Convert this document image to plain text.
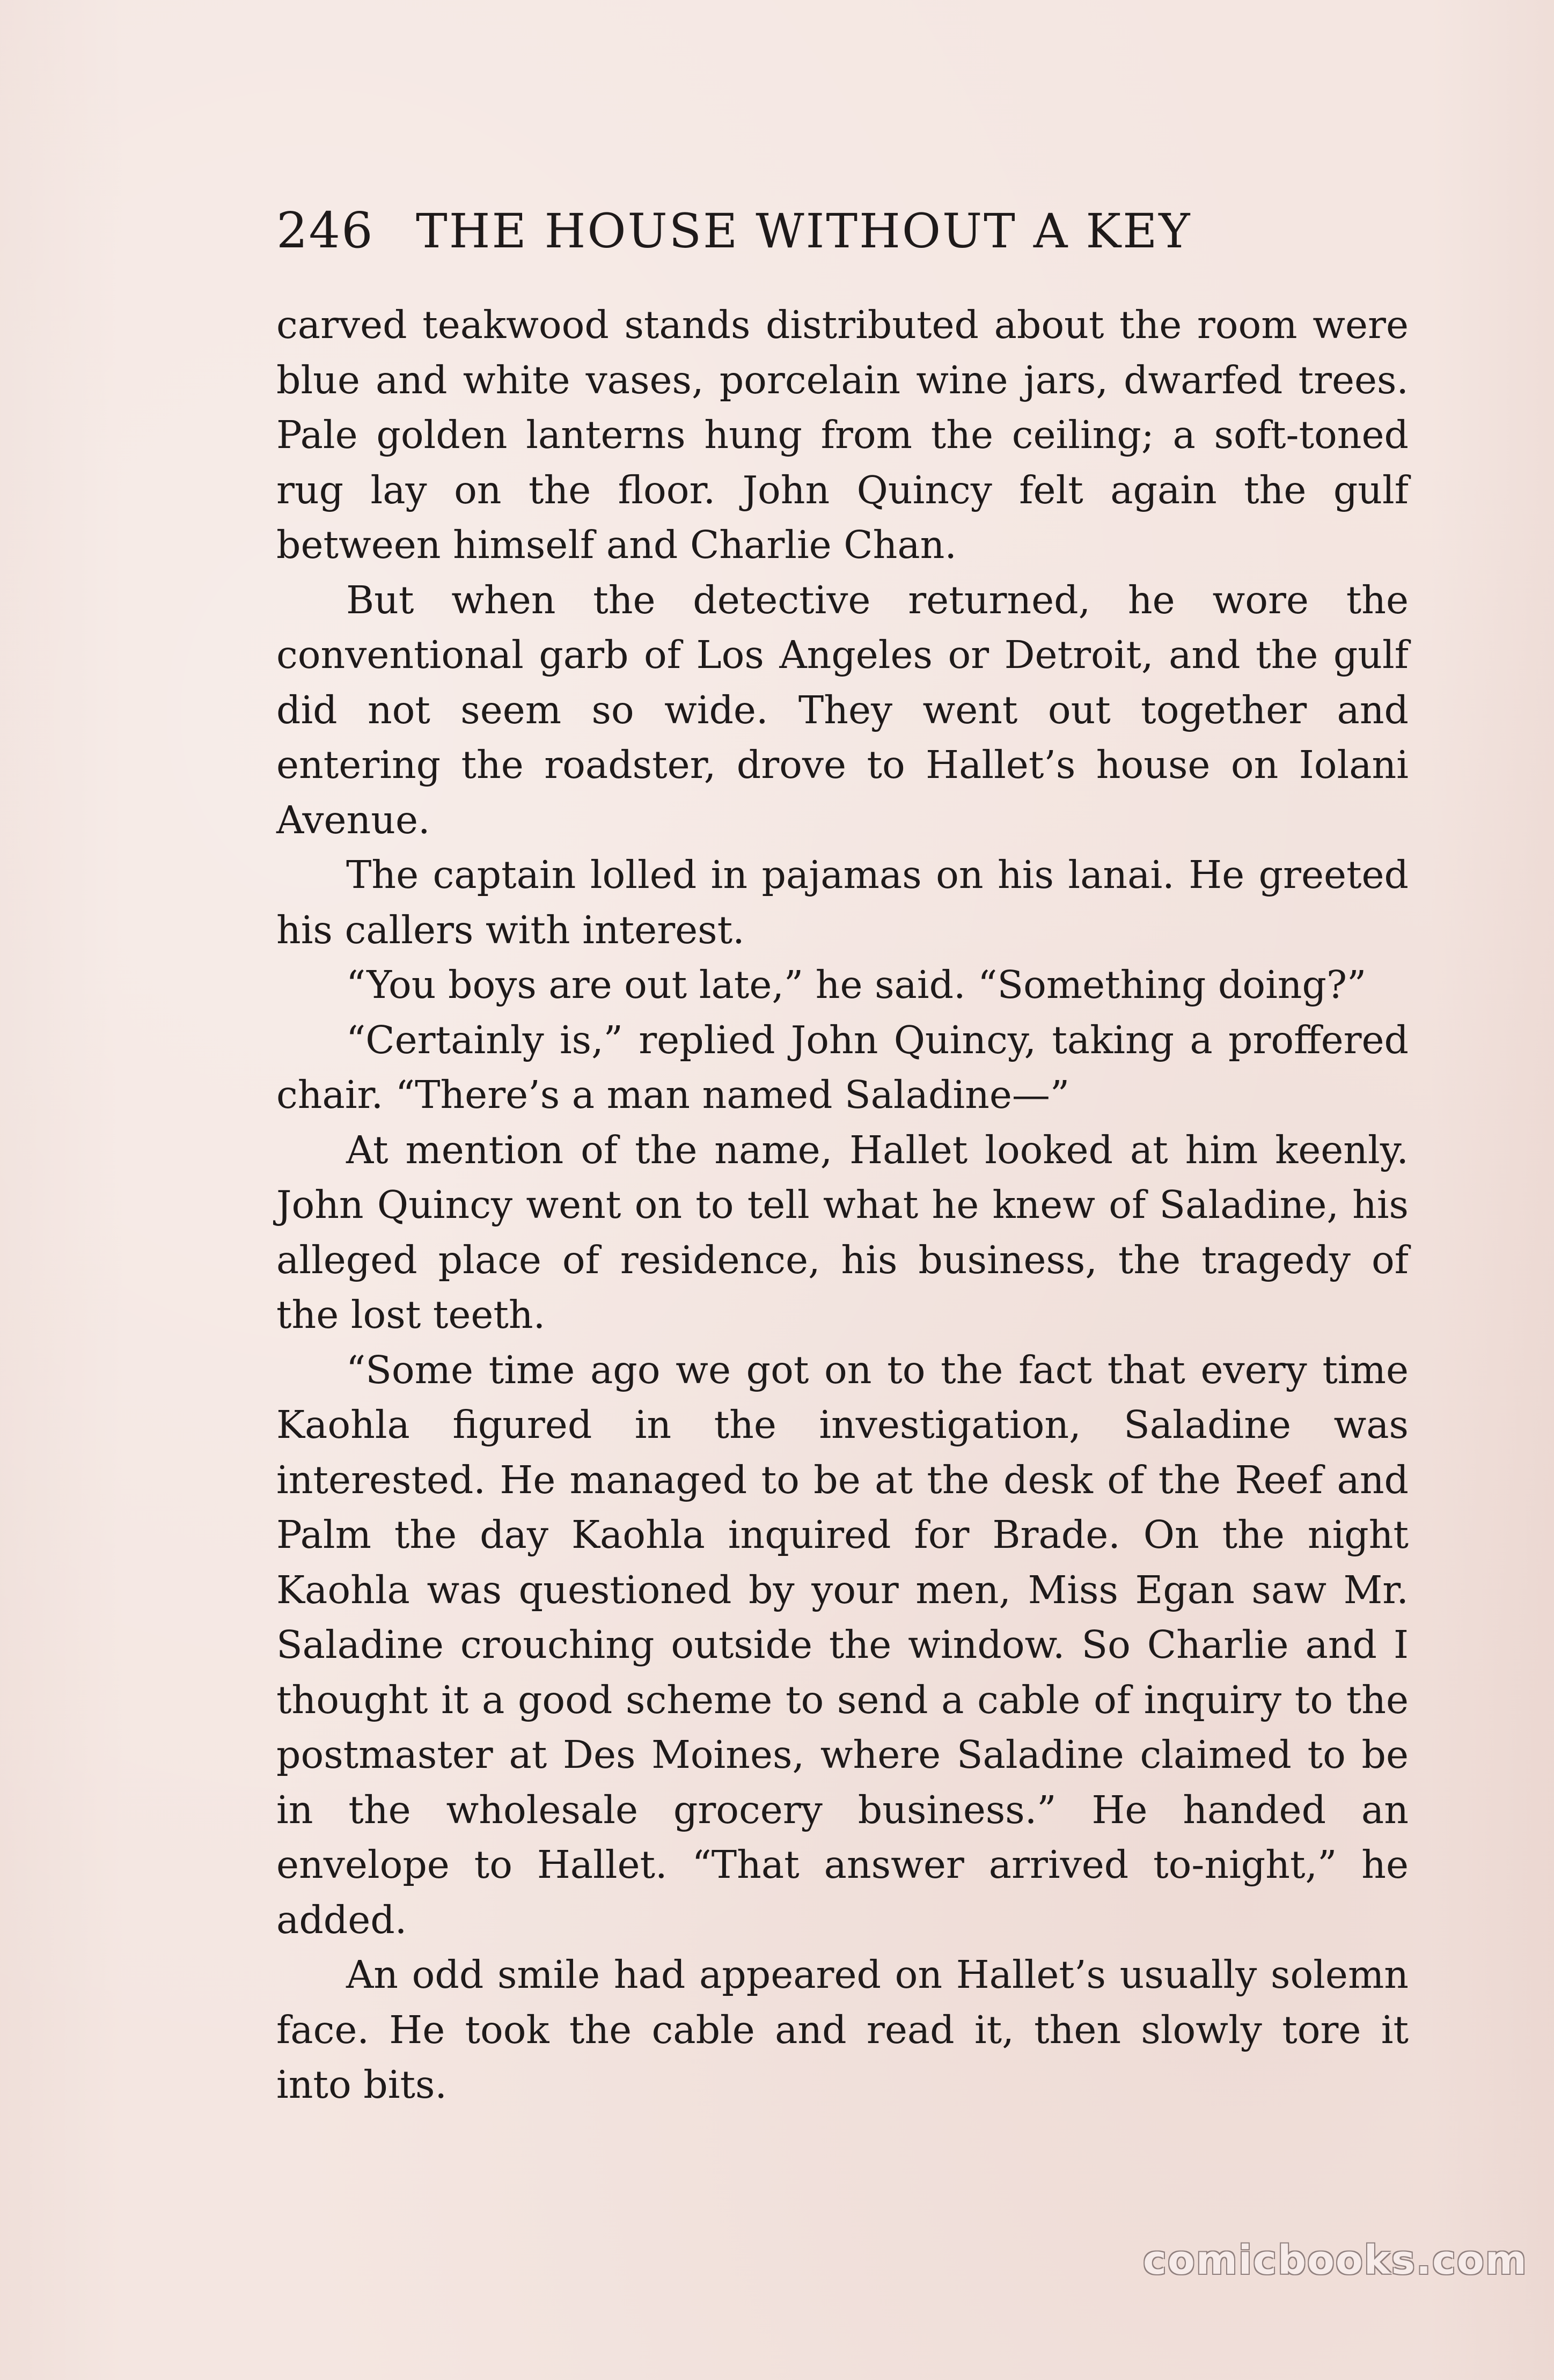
246 THE HOUSE WITHOUT A KEY

carved teakwood stands distributed about the room were blue and white vases, porcelain wine jars, dwarfed trees. Pale golden lanterns hung from the ceiling; a soft-toned rug lay on the floor. John Quincy felt again the gulf between himself and Charlie Chan.

But when the detective returned, he wore the conventional garb of Los Angeles or Detroit, and the gulf did not seem so wide. They went out together and entering the roadster, drove to Hallet’s house on Iolani Avenue.

The captain lolled in pajamas on his lanai. He greeted his callers with interest.

“You boys are out late,” he said. “Something doing?”

“Certainly is,” replied John Quincy, taking a proffered chair. “There’s a man named Saladine—”

At mention of the name, Hallet looked at him keenly. John Quincy went on to tell what he knew of Saladine, his alleged place of residence, his business, the tragedy of the lost teeth.

“Some time ago we got on to the fact that every time Kaohla figured in the investigation, Saladine was interested. He managed to be at the desk of the Reef and Palm the day Kaohla inquired for Brade. On the night Kaohla was questioned by your men, Miss Egan saw Mr. Saladine crouching outside the window. So Charlie and I thought it a good scheme to send a cable of inquiry to the postmaster at Des Moines, where Saladine claimed to be in the wholesale grocery business.” He handed an envelope to Hallet. “That answer arrived to-night,” he added.

An odd smile had appeared on Hallet’s usually solemn face. He took the cable and read it, then slowly tore it into bits.

comicbooks.com
